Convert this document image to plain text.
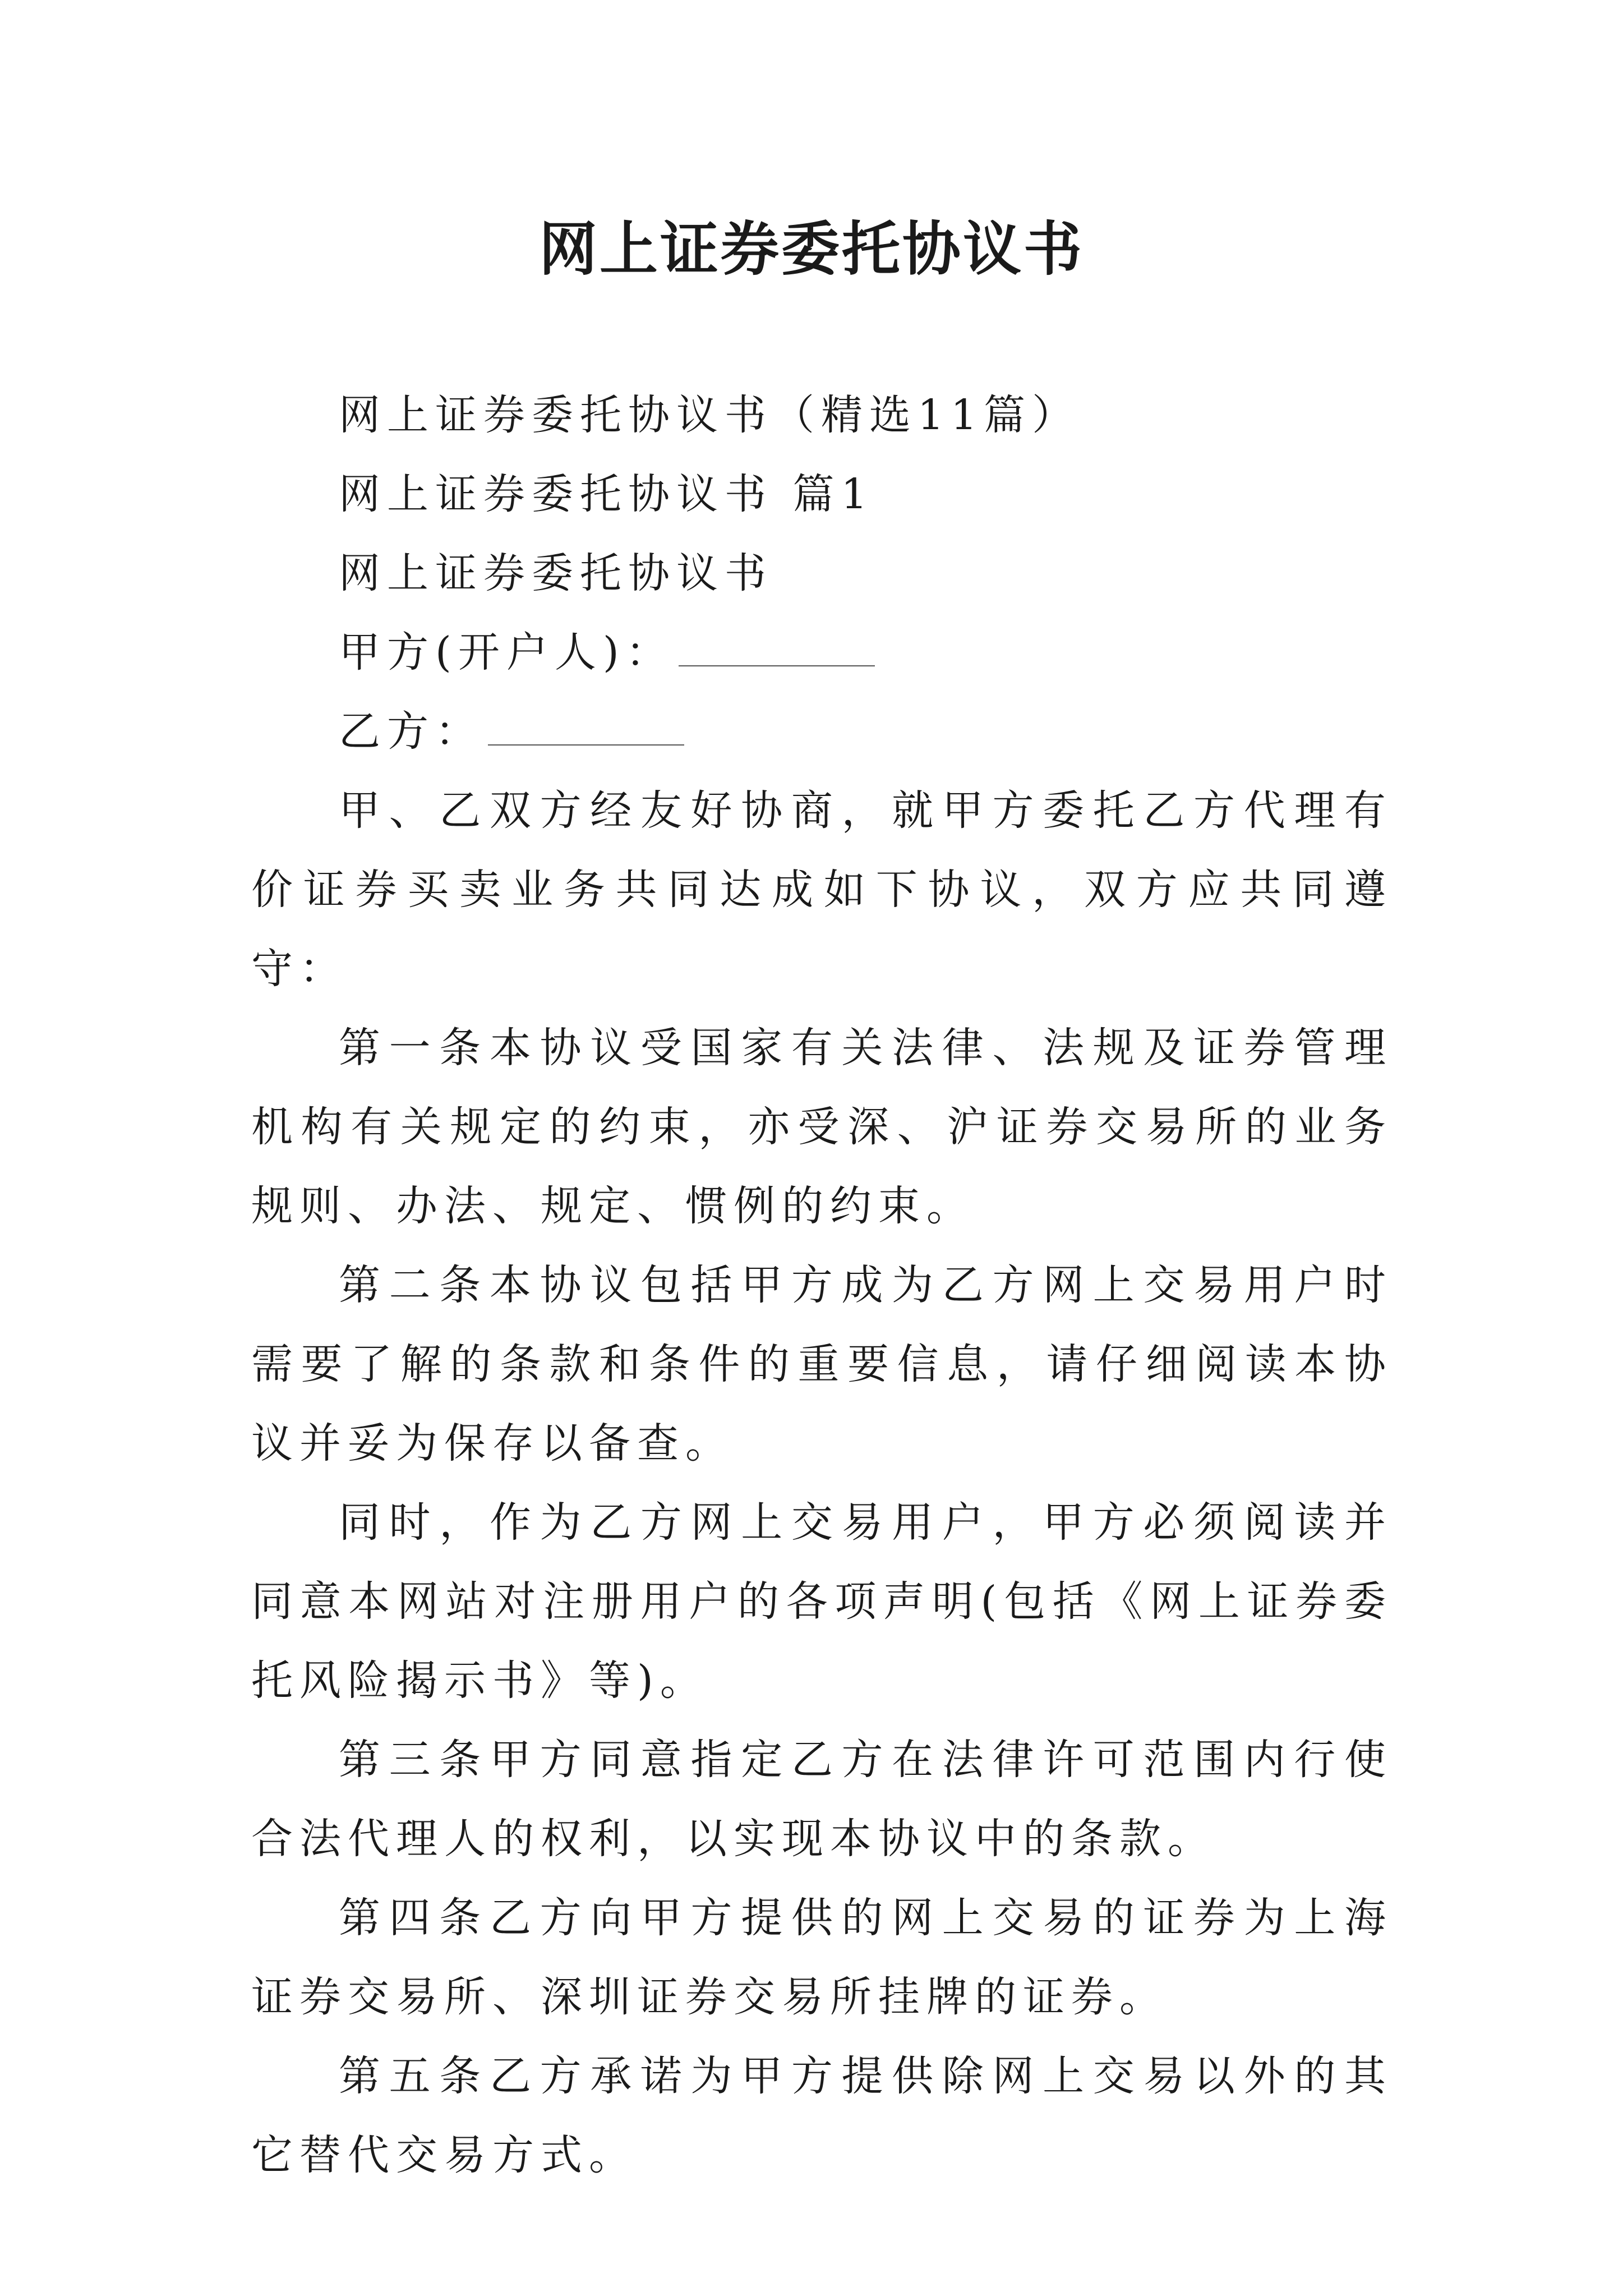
网上证券委托协议书

网上证券委托协议书（精选11篇）

网上证券委托协议书 篇1

网上证券委托协议书

甲方(开户人)：

乙方：

甲、乙双方经友好协商，就甲方委托乙方代理有价证券买卖业务共同达成如下协议，双方应共同遵守：

第一条本协议受国家有关法律、法规及证券管理机构有关规定的约束，亦受深、沪证券交易所的业务规则、办法、规定、惯例的约束。

第二条本协议包括甲方成为乙方网上交易用户时需要了解的条款和条件的重要信息，请仔细阅读本协议并妥为保存以备查。

同时，作为乙方网上交易用户，甲方必须阅读并同意本网站对注册用户的各项声明(包括《网上证券委托风险揭示书》等)。

第三条甲方同意指定乙方在法律许可范围内行使合法代理人的权利，以实现本协议中的条款。

第四条乙方向甲方提供的网上交易的证券为上海证券交易所、深圳证券交易所挂牌的证券。

第五条乙方承诺为甲方提供除网上交易以外的其它替代交易方式。
